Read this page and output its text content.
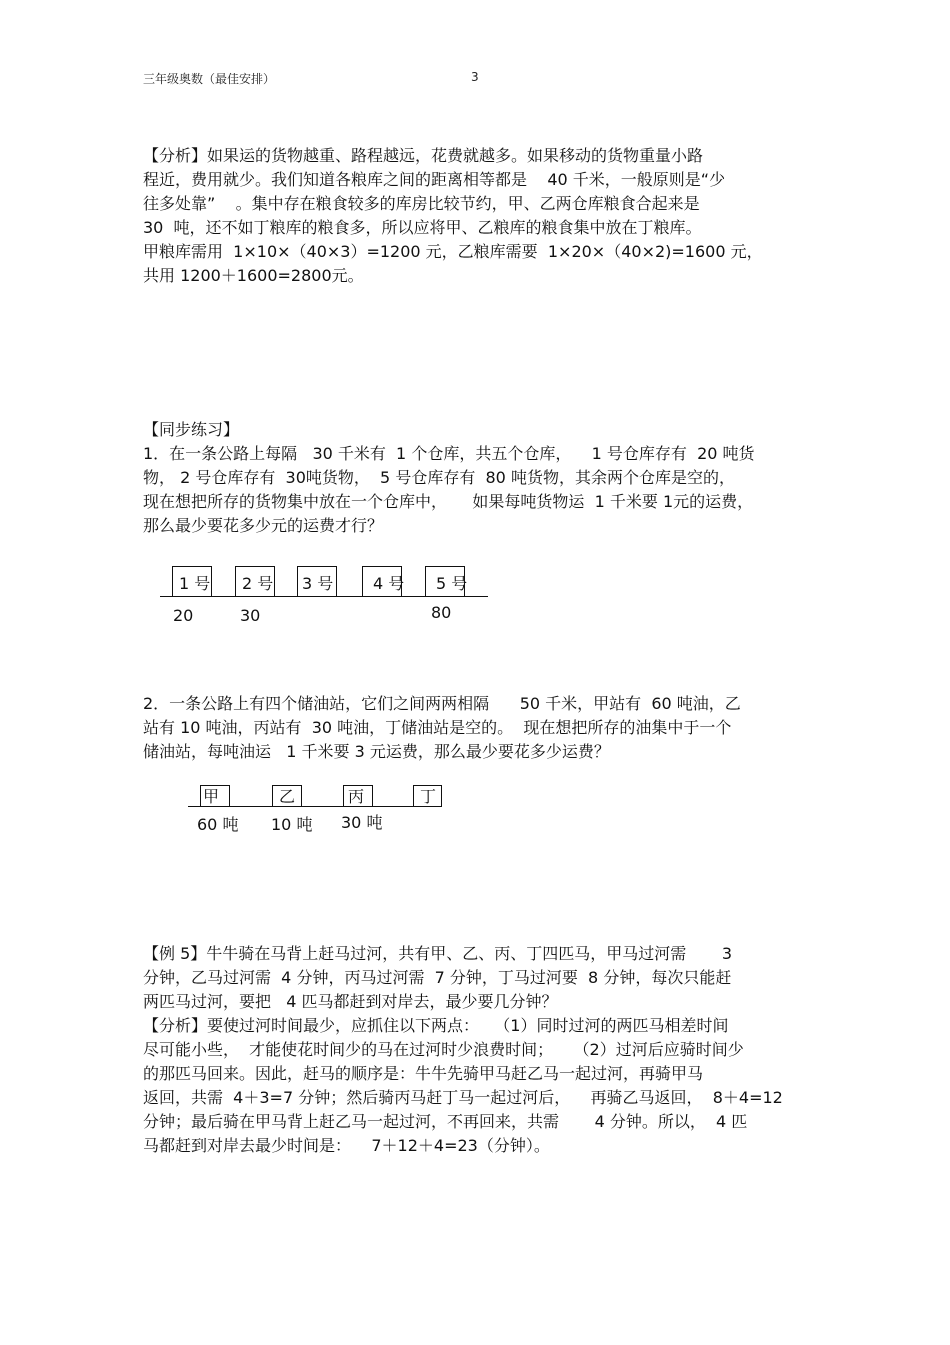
三年级奥数（最佳安排）	3

【分析】如果运的货物越重、路程越远，花费就越多。如果移动的货物重量小路

程近，费用就少。我们知道各粮库之间的距离相等都是    40 千米，一般原则是“少

往多处靠”    。集中存在粮食较多的库房比较节约，甲、乙两仓库粮食合起来是

30  吨，还不如丁粮库的粮食多，所以应将甲、乙粮库的粮食集中放在丁粮库。

甲粮库需用  1×10×（40×3）=1200 元，乙粮库需要  1×20×（40×2)=1600 元，

共用 1200＋1600=2800元。

【同步练习】

1．在一条公路上每隔   30 千米有  1 个仓库，共五个仓库，    1 号仓库存有  20 吨货

物， 2 号仓库存有  30吨货物，  5 号仓库存有  80 吨货物，其余两个仓库是空的，

现在想把所存的货物集中放在一个仓库中，     如果每吨货物运  1 千米要 1元的运费，

那么最少要花多少元的运费才行？

1 号	2 号	3 号	4 号	5 号
20	30	80

2．一条公路上有四个储油站，它们之间两两相隔      50 千米，甲站有  60 吨油，乙

站有 10 吨油，丙站有  30 吨油，丁储油站是空的。  现在想把所存的油集中于一个

储油站，每吨油运   1 千米要 3 元运费，那么最少要花多少运费？

甲	乙	丙	丁
60 吨 10 吨 30 吨

【例 5】牛牛骑在马背上赶马过河，共有甲、乙、丙、丁四匹马，甲马过河需       3

分钟，乙马过河需  4 分钟，丙马过河需  7 分钟，丁马过河要  8 分钟，每次只能赶

两匹马过河，要把   4 匹马都赶到对岸去，最少要几分钟？

【分析】要使过河时间最少，应抓住以下两点：   （1）同时过河的两匹马相差时间

尽可能小些，  才能使花时间少的马在过河时少浪费时间；    （2）过河后应骑时间少

的那匹马回来。因此，赶马的顺序是：牛牛先骑甲马赶乙马一起过河，再骑甲马

返回，共需  4＋3=7 分钟；然后骑丙马赶丁马一起过河后，    再骑乙马返回，  8＋4=12

分钟；最后骑在甲马背上赶乙马一起过河，不再回来，共需       4 分钟。所以，  4 匹

马都赶到对岸去最少时间是：    7＋12＋4=23（分钟）。
